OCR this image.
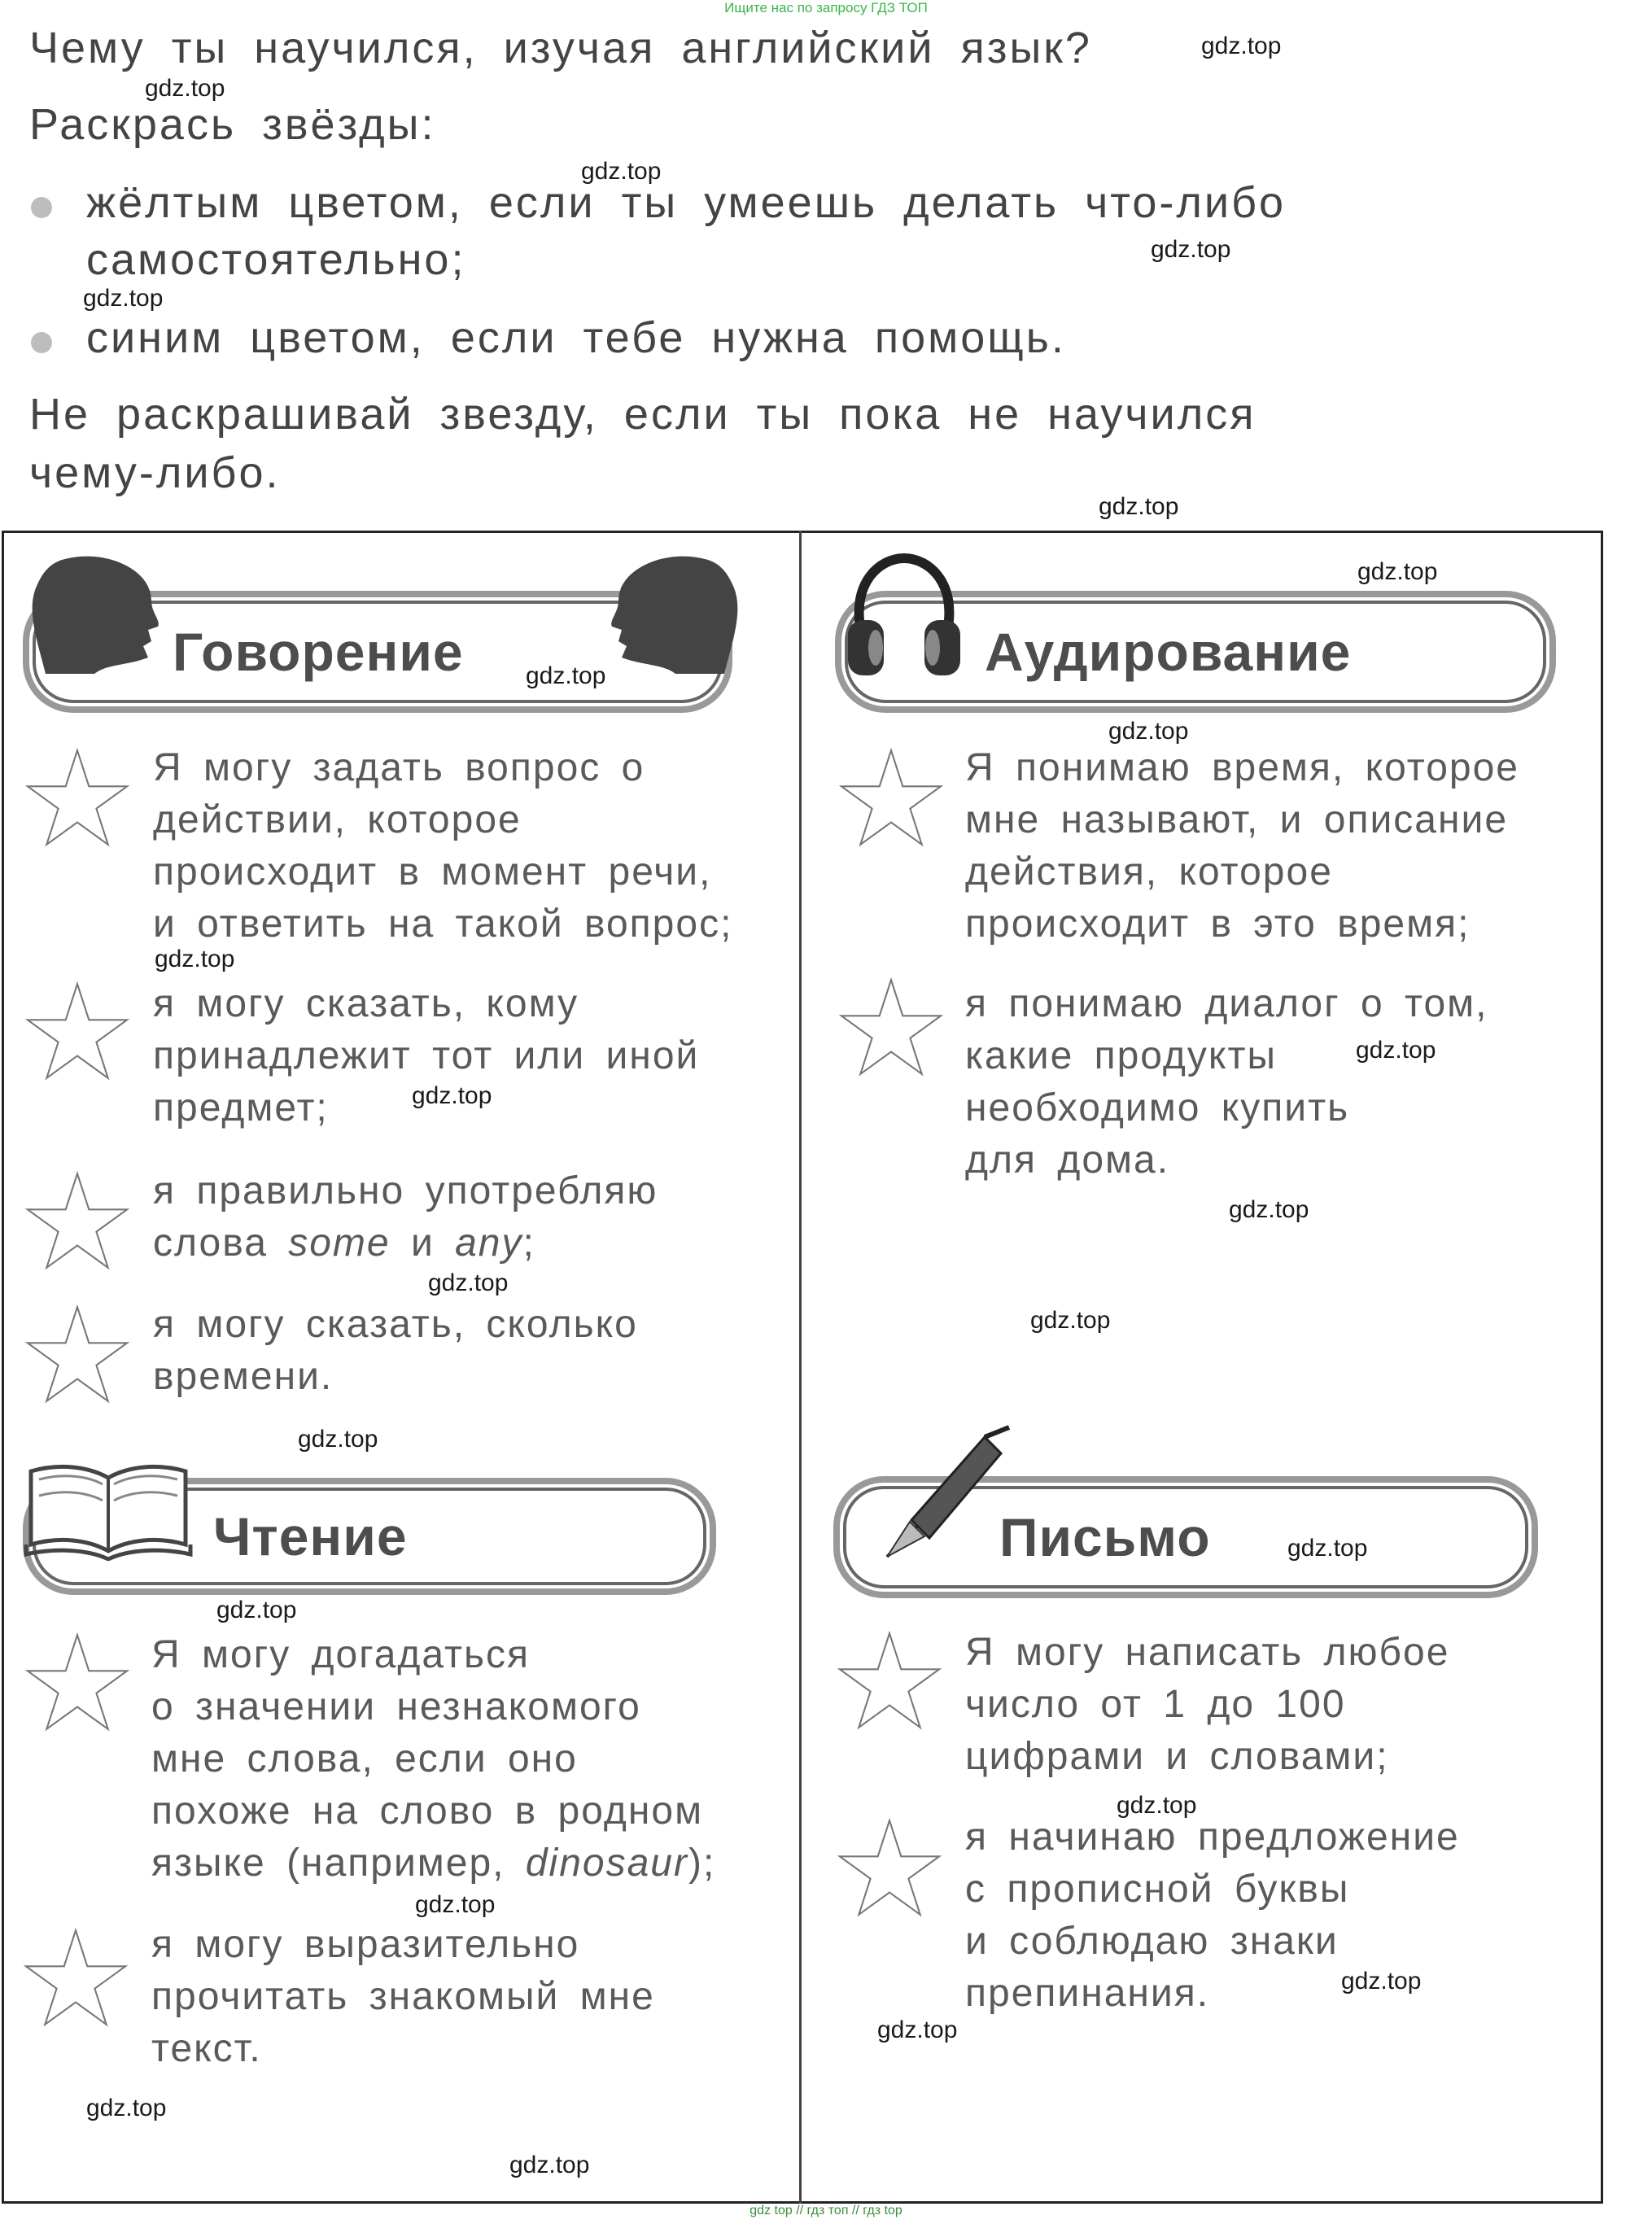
Ищите нас по запросу ГДЗ ТОП
gdz top // гдз топ // гдз top
Чему ты научился, изучая английский язык?
Раскрась звёзды:
жёлтым цветом, если ты умеешь делать что-либо
самостоятельно;
синим цветом, если тебе нужна помощь.
Не раскрашивай звезду, если ты пока не научился
чему-либо.
Говорение
Я могу задать вопрос о
действии, которое
происходит в момент речи,
и ответить на такой вопрос;
я могу сказать, кому
принадлежит тот или иной
предмет;
я правильно употребляю
слова some и any;
я могу сказать, сколько
времени.
Аудирование
Я понимаю время, которое
мне называют, и описание
действия, которое
происходит в это время;
я понимаю диалог о том,
какие продукты
необходимо купить
для дома.
Чтение
Я могу догадаться
о значении незнакомого
мне слова, если оно
похоже на слово в родном
языке (например, dinosaur);
я могу выразительно
прочитать знакомый мне
текст.
Письмо
Я могу написать любое
число от 1 до 100
цифрами и словами;
я начинаю предложение
с прописной буквы
и соблюдаю знаки
препинания.
gdz.top
gdz.top
gdz.top
gdz.top
gdz.top
gdz.top
gdz.top
gdz.top
gdz.top
gdz.top
gdz.top
gdz.top
gdz.top
gdz.top
gdz.top
gdz.top
gdz.top
gdz.top
gdz.top
gdz.top
gdz.top
gdz.top
gdz.top
gdz.top
